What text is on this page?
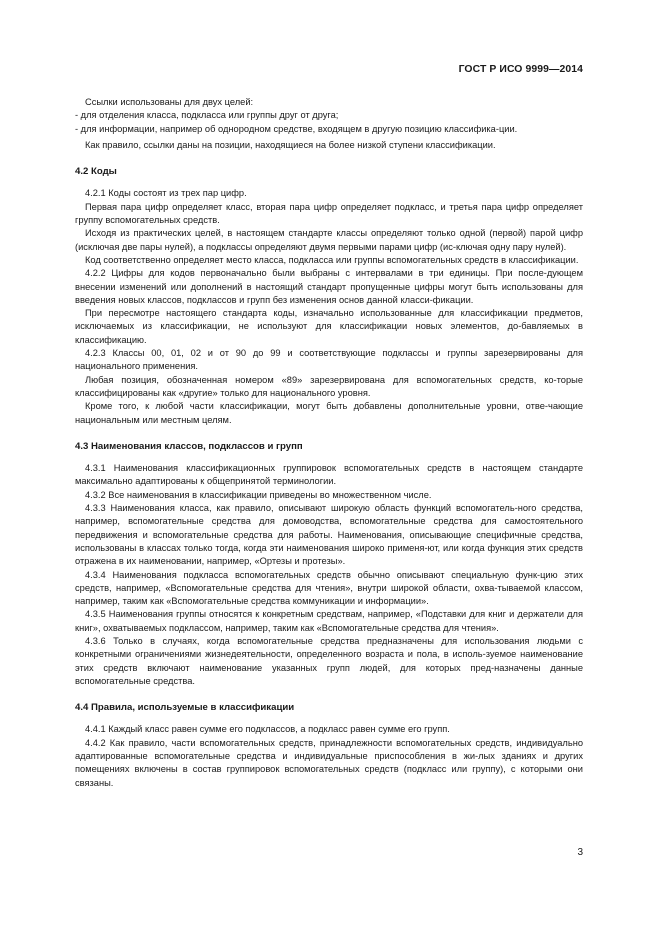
ГОСТ Р ИСО 9999—2014

Ссылки использованы для двух целей:

- для отделения класса, подкласса или группы друг от друга;

- для информации, например об однородном средстве, входящем в другую позицию классифика-ции.

Как правило, ссылки даны на позиции, находящиеся на более низкой ступени классификации.

4.2 Коды

4.2.1 Коды состоят из трех пар цифр.

Первая пара цифр определяет класс, вторая пара цифр определяет подкласс, и третья пара цифр определяет группу вспомогательных средств.

Исходя из практических целей, в настоящем стандарте классы определяют только одной (первой) парой цифр (исключая две пары нулей), а подклассы определяют двумя первыми парами цифр (ис-ключая одну пару нулей).

Код соответственно определяет место класса, подкласса или группы вспомогательных средств в классификации.

4.2.2 Цифры для кодов первоначально были выбраны с интервалами в три единицы. При после-дующем внесении изменений или дополнений в настоящий стандарт пропущенные цифры могут быть использованы для введения новых классов, подклассов и групп без изменения основ данной класси-фикации.

При пересмотре настоящего стандарта коды, изначально использованные для классификации предметов, исключаемых из классификации, не используют для классификации новых элементов, до-бавляемых в классификацию.

4.2.3 Классы 00, 01, 02 и от 90 до 99 и соответствующие подклассы и группы зарезервированы для национального применения.

Любая позиция, обозначенная номером «89» зарезервирована для вспомогательных средств, ко-торые классифицированы как «другие» только для национального уровня.

Кроме того, к любой части классификации, могут быть добавлены дополнительные уровни, отве-чающие национальным или местным целям.

4.3 Наименования классов, подклассов и групп

4.3.1 Наименования классификационных группировок вспомогательных средств в настоящем стандарте максимально адаптированы к общепринятой терминологии.

4.3.2 Все наименования в классификации приведены во множественном числе.

4.3.3 Наименования класса, как правило, описывают широкую область функций вспомогатель-ного средства, например, вспомогательные средства для домоводства, вспомогательные средства для самостоятельного передвижения и вспомогательные средства для работы. Наименования, описывающие специфичные средства, использованы в классах только тогда, когда эти наименования широко применя-ют, или когда функция этих средств отражена в их наименовании, например, «Ортезы и протезы».

4.3.4 Наименования подкласса вспомогательных средств обычно описывают специальную функ-цию этих средств, например, «Вспомогательные средства для чтения», внутри широкой области, охва-тываемой классом, например, таким как «Вспомогательные средства коммуникации и информации».

4.3.5 Наименования группы относятся к конкретным средствам, например, «Подставки для книг и держатели для книг», охватываемых подклассом, например, таким как «Вспомогательные средства для чтения».

4.3.6 Только в случаях, когда вспомогательные средства предназначены для использования людьми с конкретными ограничениями жизнедеятельности, определенного возраста и пола, в исполь-зуемое наименование этих средств включают наименование указанных групп людей, для которых пред-назначены данные вспомогательные средства.

4.4 Правила, используемые в классификации

4.4.1 Каждый класс равен сумме его подклассов, а подкласс равен сумме его групп.

4.4.2 Как правило, части вспомогательных средств, принадлежности вспомогательных средств, индивидуально адаптированные вспомогательные средства и индивидуальные приспособления в жи-лых зданиях и других помещениях включены в состав группировок вспомогательных средств (подкласс или группу), с которыми они связаны.

3
